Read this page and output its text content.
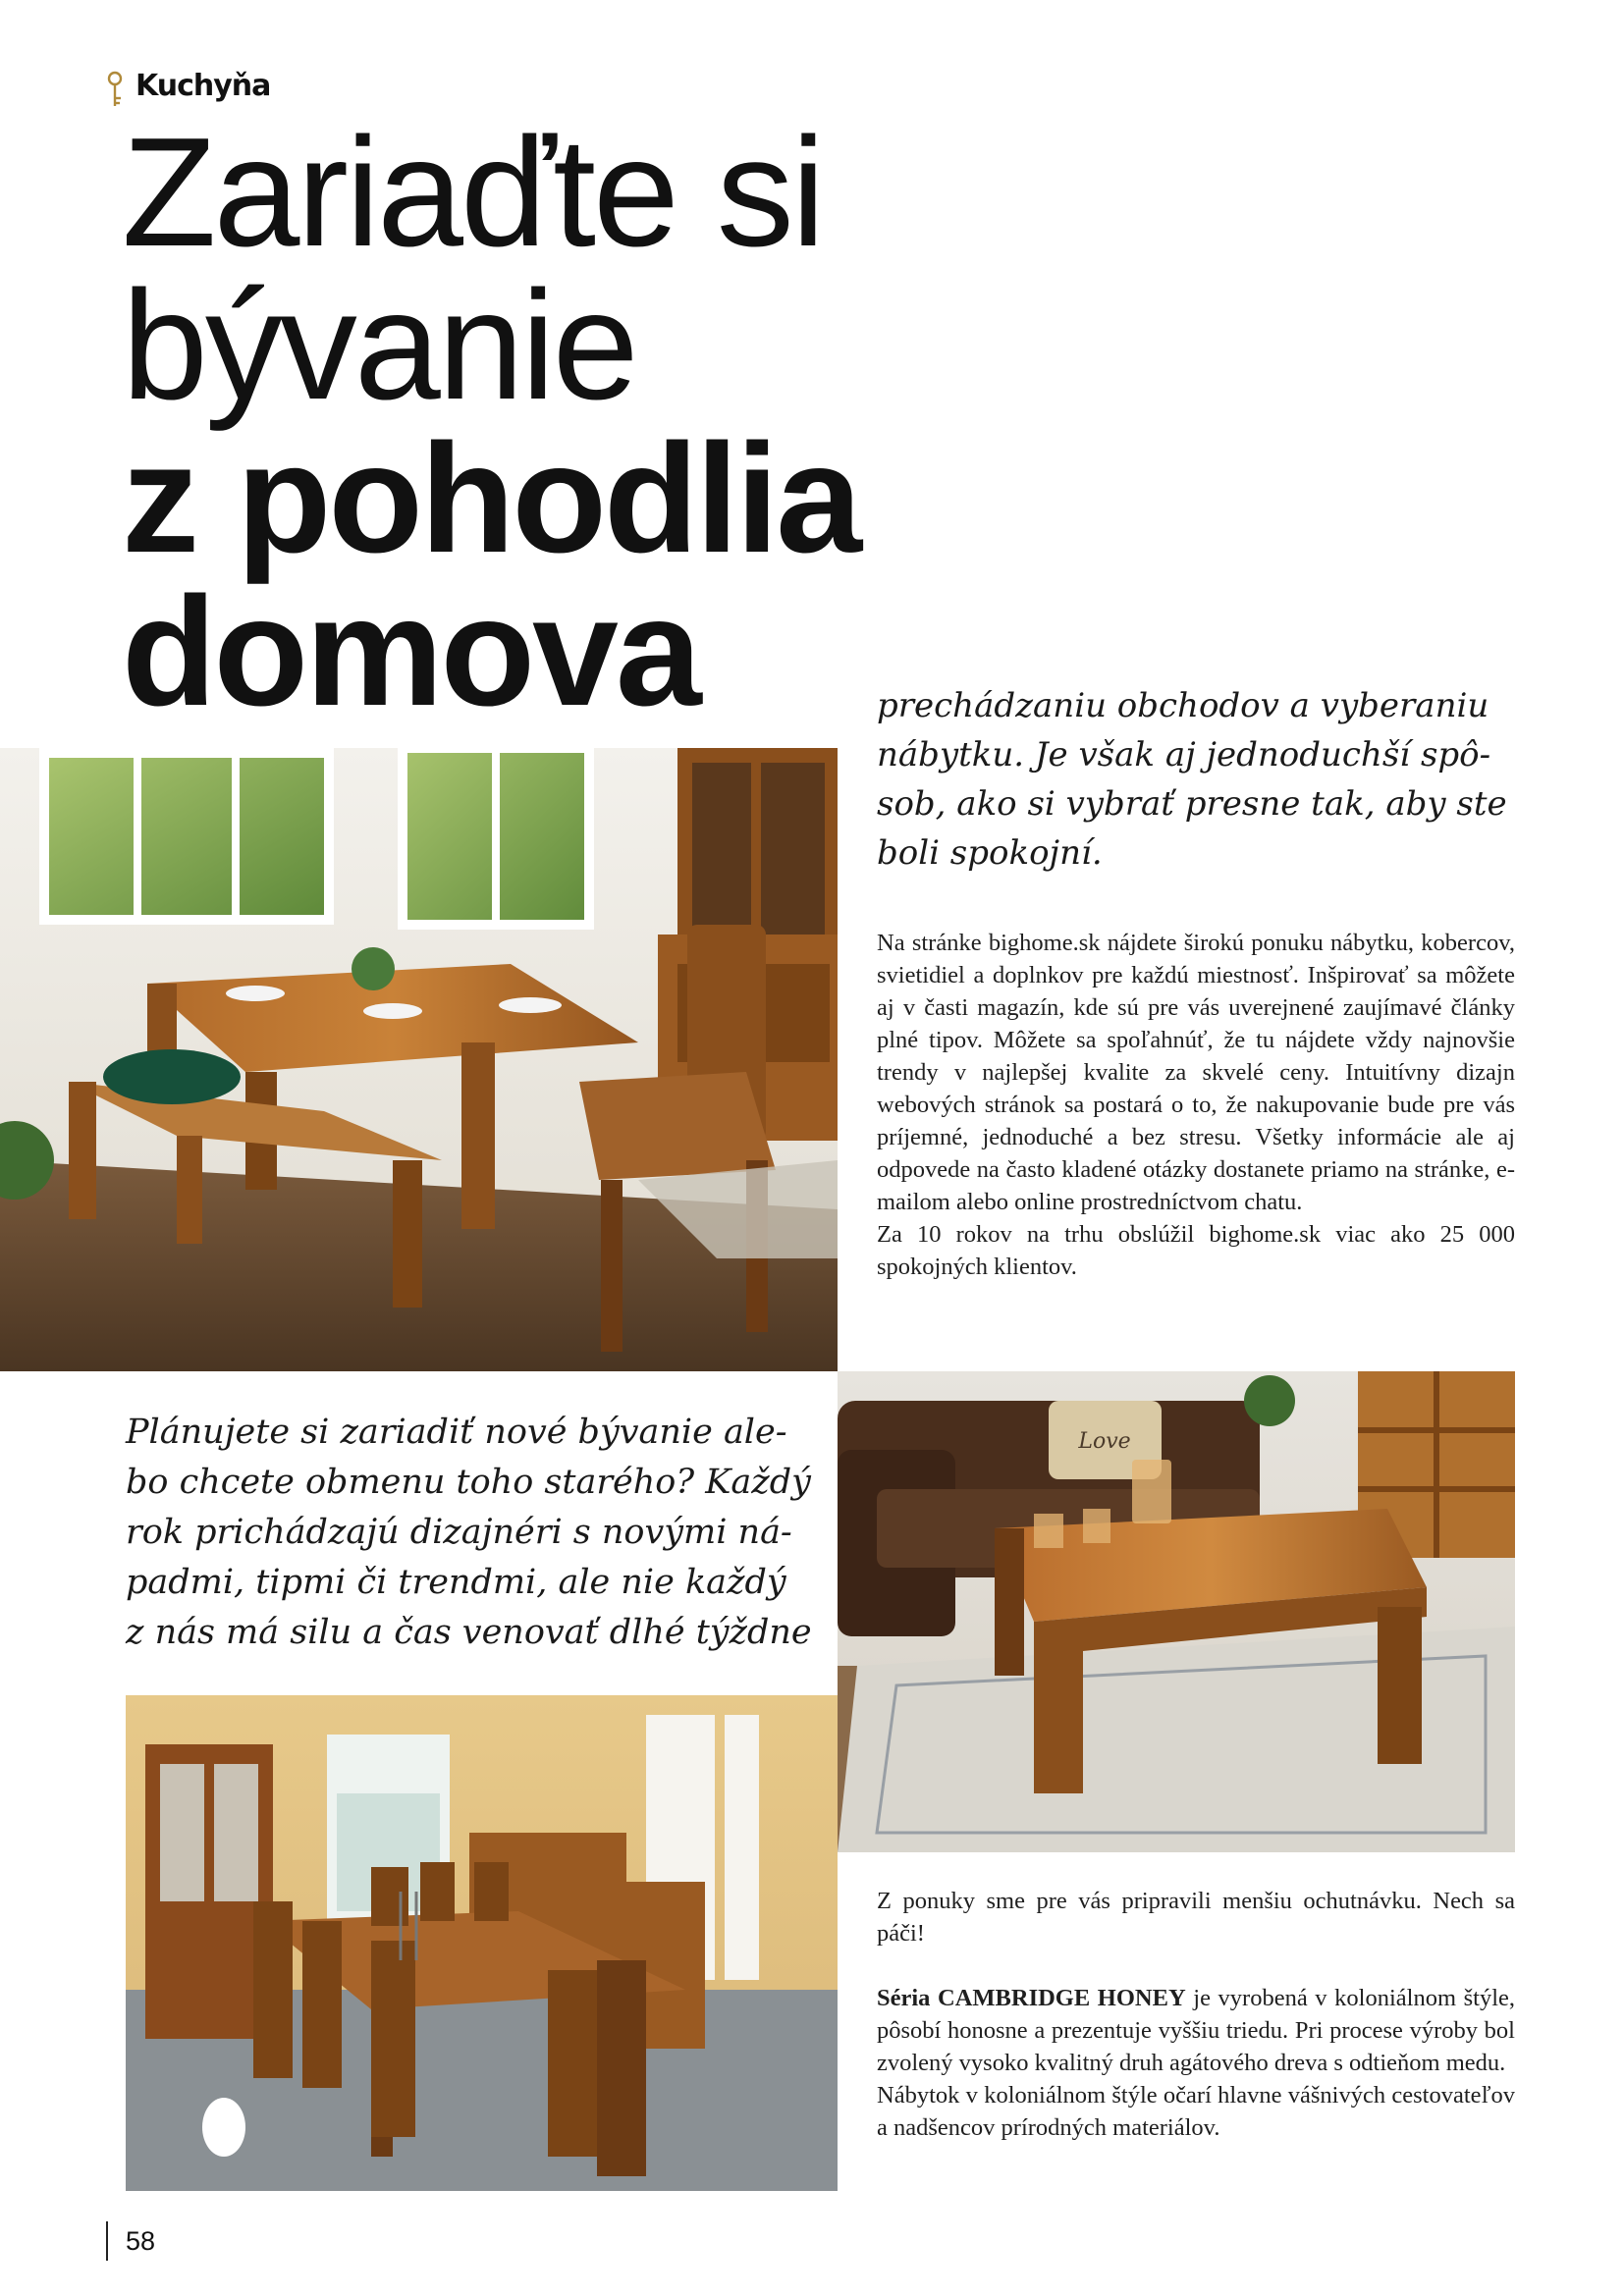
Kuchyňa
Zariaďte si
bývanie
z pohodlia
domova	prechádzaniu obchodov a vyberaniu
nábytku. Je však aj jednoduchší spô-
sob, ako si vybrať presne tak, aby ste
boli spokojní.

Na stránke bighome.sk nájdete širokú ponuku nábytku, kobercov, svietidiel a doplnkov pre každú miestnosť. Inšpirovať sa môžete aj v časti magazín, kde sú pre vás uverejnené zaujímavé články plné tipov. Môžete sa spoľahnúť, že tu nájdete vždy najnovšie trendy v najlepšej kvalite za skvelé ceny. Intuitívny dizajn webových stránok sa postará o to, že nakupovanie bude pre vás príjemné, jednoduché a bez stresu. Všetky informácie ale aj odpovede na často kladené otázky dostanete priamo na stránke, e-mailom alebo online prostredníctvom chatu.

Za 10 rokov na trhu obslúžil bighome.sk viac ako 25 000 spokojných klientov.

Plánujete si zariadiť nové bývanie ale-
bo chcete obmenu toho starého? Každý
rok prichádzajú dizajnéri s novými ná-
padmi, tipmi či trendmi, ale nie každý
z nás má silu a čas venovať dlhé týždne
Love

Z ponuky sme pre vás pripravili menšiu ochutnávku. Nech sa páči!

Séria CAMBRIDGE HONEY je vyrobená v koloniálnom štýle, pôsobí honosne a prezentuje vyššiu triedu. Pri procese výroby bol zvolený vysoko kvalitný druh agátového dreva s odtieňom medu.

Nábytok v koloniálnom štýle očarí hlavne vášnivých cestovateľov a nadšencov prírodných materiálov.

58
